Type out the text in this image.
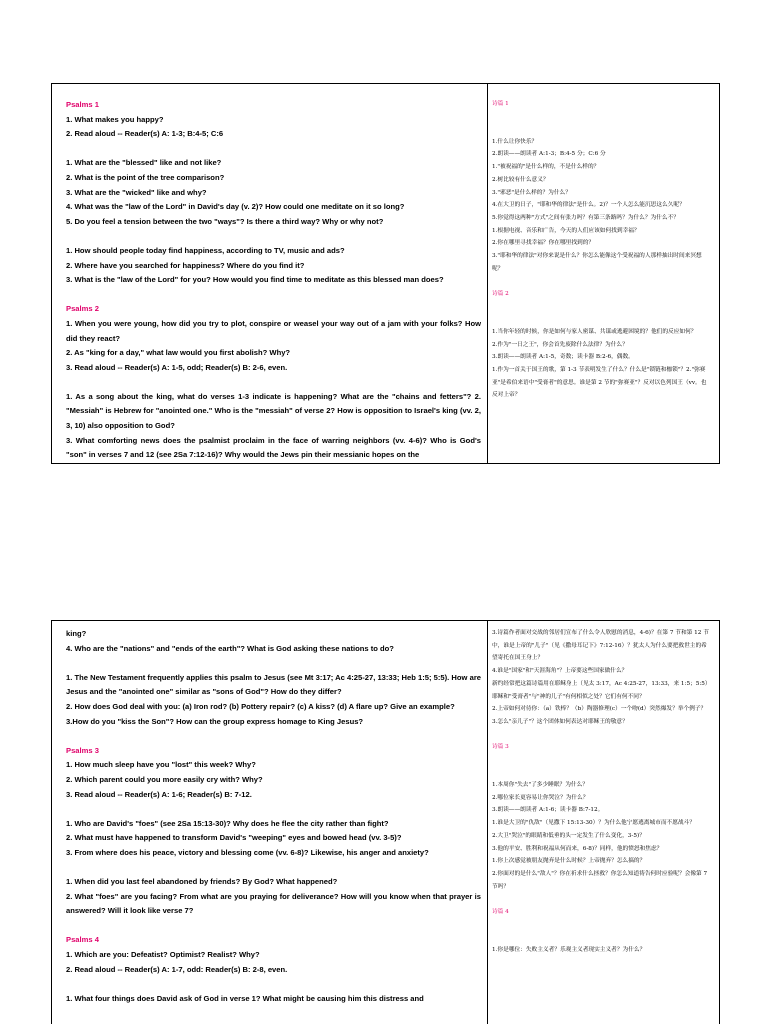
Psalms 1
1. What makes you happy?
2. Read aloud -- Reader(s) A: 1-3; B:4-5; C:6
1. What are the "blessed" like and not like?
2. What is the point of the tree comparison?
3. What are the "wicked" like and why?
4. What was the "law of the Lord" in David's day (v. 2)? How could one meditate on it so long?
5. Do you feel a tension between the two "ways"? Is there a third way? Why or why not?
1. How should people today find happiness, according to TV, music and ads?
2. Where have you searched for happiness? Where do you find it?
3. What is the "law of the Lord" for you? How would you find time to meditate as this blessed man does?
Psalms 2
1. When you were young, how did you try to plot, conspire or weasel your way out of a jam with your folks? How did they react?
2. As "king for a day," what law would you first abolish? Why?
3. Read aloud -- Reader(s) A: 1-5, odd; Reader(s) B: 2-6, even.
1. As a song about the king, what do verses 1-3 indicate is happening? What are the "chains and fetters"? 2. "Messiah" is Hebrew for "anointed one." Who is the "messiah" of verse 2? How is opposition to Israel's king (vv. 2, 3, 10) also opposition to God?
3. What comforting news does the psalmist proclaim in the face of warring neighbors (vv. 4-6)? Who is God's "son" in verses 7 and 12 (see 2Sa 7:12-16)? Why would the Jews pin their messianic hopes on the
诗篇 1
1.什么让你快乐？
2.朗读——朗读者 A:1-3；B:4-5 分；C:6 分
1."被祝福的"是什么样的，不是什么样的？
2.树比较有什么意义？
3."邪恶"是什么样的？为什么？
4.在大卫的日子，"耶和华的律法"是什么。2)？一个人怎么能沉思这么久呢？
5.你觉得这两种"方式"之间有张力吗？有第三条路吗？为什么？为什么不？
1.根据电视、音乐和广告，今天的人们应该如何找到幸福？
2.你在哪里寻找幸福？你在哪里找到的？
3."耶和华的律法"对你来说是什么？你怎么能像这个受祝福的人那样抽出时间来冥想呢？
诗篇 2
1.当你年轻的时候，你是如何与家人密谋、共谋或逃避困境的？他们的反应如何？
2.作为"一日之王"，你会首先废除什么法律？为什么？
3.朗读——朗读者 A:1-5，奇数；读卡器 B:2-6，偶数。
1.作为一首关于国王的歌，第 1-3 节表明发生了什么？什么是"锁链和枷锁"？2."弥赛亚"是希伯来语中"受膏者"的意思。谁是第 2 节的"弥赛亚"？反对以色列国王（vv。也反对上帝？
king?
4. Who are the "nations" and "ends of the earth"? What is God asking these nations to do?
1. The New Testament frequently applies this psalm to Jesus (see Mt 3:17; Ac 4:25-27, 13:33; Heb 1:5; 5:5). How are Jesus and the "anointed one" similar as "sons of God"? How do they differ?
2. How does God deal with you: (a) Iron rod? (b) Pottery repair? (c) A kiss? (d) A flare up? Give an example?
3.How do you "kiss the Son"? How can the group express homage to King Jesus?
Psalms 3
1. How much sleep have you "lost" this week? Why?
2. Which parent could you more easily cry with? Why?
3. Read aloud -- Reader(s) A: 1-6; Reader(s) B: 7-12.
1. Who are David's "foes" (see 2Sa 15:13-30)? Why does he flee the city rather than fight?
2. What must have happened to transform David's "weeping" eyes and bowed head (vv. 3-5)?
3. From where does his peace, victory and blessing come (vv. 6-8)? Likewise, his anger and anxiety?
1. When did you last feel abandoned by friends? By God? What happened?
2. What "foes" are you facing? From what are you praying for deliverance? How will you know when that prayer is answered? Will it look like verse 7?
Psalms 4
1. Which are you: Defeatist? Optimist? Realist? Why?
2. Read aloud -- Reader(s) A: 1-7, odd: Reader(s) B: 2-8, even.
1. What four things does David ask of God in verse 1? What might be causing him this distress and
3.诗篇作者面对交战的邻居们宣布了什么令人欣慰的消息，4-6)？在第 7 节和第 12 节中，谁是上帝的"儿子"（见《撒母耳记下》7:12-16）？犹太人为什么要把救世主的希望寄托在国王身上？
4.谁是"国家"和"天涯海角"？上帝要这些国家做什么？
新约经常把这篇诗篇用在耶稣身上（见太 3:17，Ac 4:25-27，13:33，来 1:5；5:5）耶稣和"受膏者"与"神的儿子"有何相似之处？它们有何不同？
2.上帝如何对待你：（a）铁棒？（b）陶器修理(c）一个吻(d）突然爆发？举个例子？
3.怎么"亲儿子"？这个团体如何表达对耶稣王的敬意？
诗篇 3
1.本周你"失去"了多少睡眠？为什么？
2.哪位家长更容易让你哭泣？为什么？
3.朗读——朗读者 A:1-6；读卡器 B:7-12。
1.谁是大卫的"仇敌"（见撒下 15:13-30）？为什么他宁愿逃离城市而不愿战斗？
2.大卫"哭泣"的眼睛和低垂的头一定发生了什么变化，3-5)？
3.他的平安、胜利和祝福从何而来，6-8)？同样，他的愤怒和焦虑？
1.你上次感觉被朋友抛弃是什么时候？上帝抛弃？怎么搞的？
2.你面对的是什么"敌人"？你在祈求什么拯救？你怎么知道祷告何时应验呢？会像第 7 节吗？
诗篇 4
1.你是哪位：失败主义者？乐观主义者现实主义者？为什么？
